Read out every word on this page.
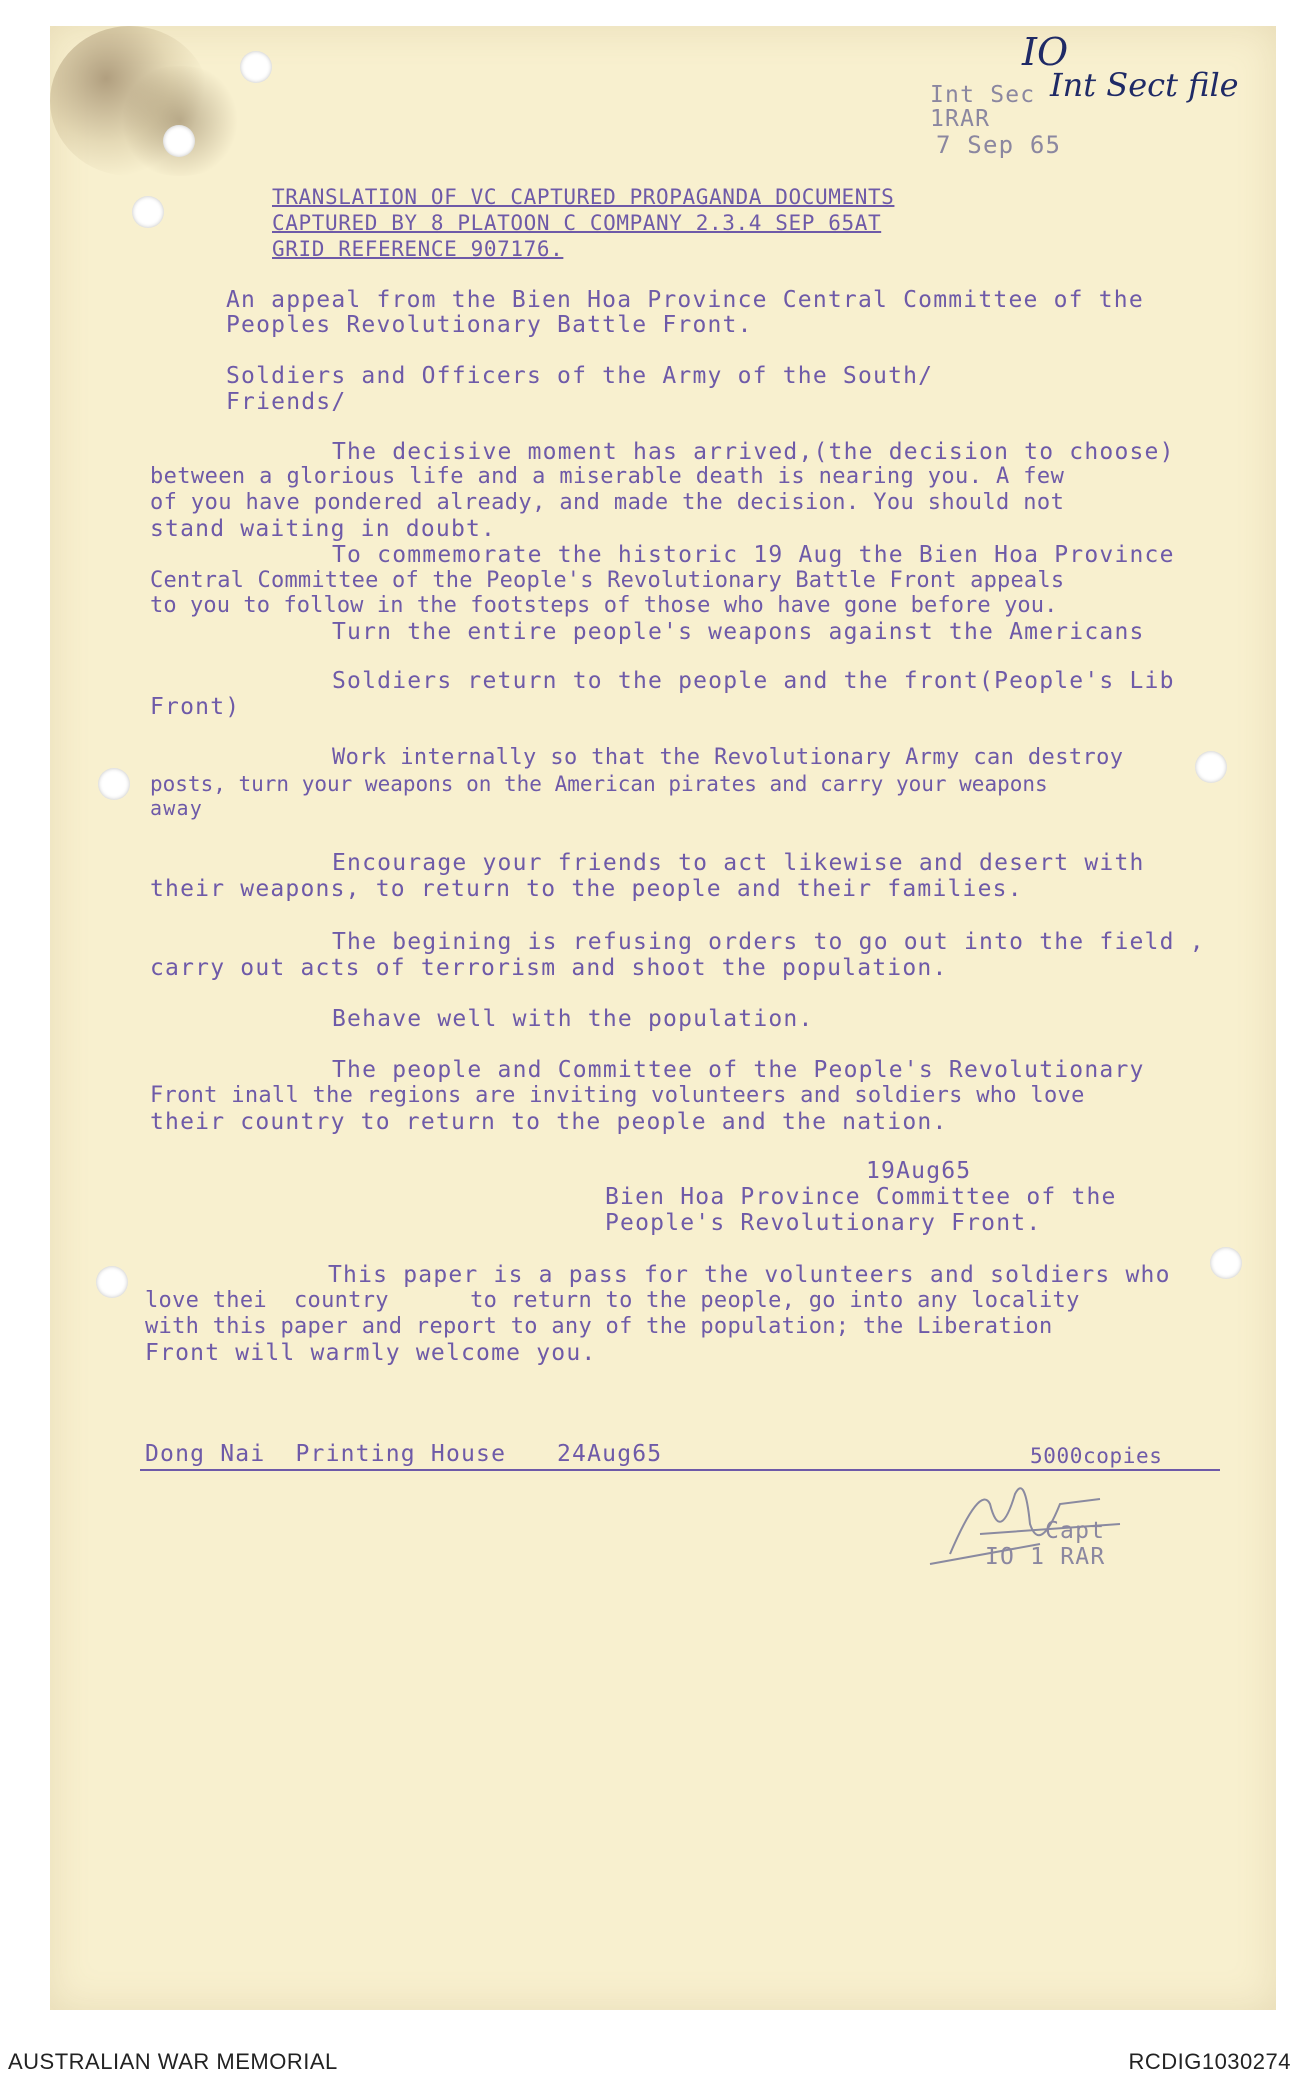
IO
Int Sect file
Int Sec
1RAR
7 Sep 65
TRANSLATION OF VC CAPTURED PROPAGANDA DOCUMENTS
CAPTURED BY 8 PLATOON C COMPANY 2.3.4 SEP 65AT
GRID REFERENCE 907176.
An appeal from the Bien Hoa Province Central Committee of the
Peoples Revolutionary Battle Front.
Soldiers and Officers of the Army of the South/
Friends/
The decisive moment has arrived,(the decision to choose)
between a glorious life and a miserable death is nearing you. A few
of you have pondered already, and made the decision. You should not
stand waiting in doubt.
To commemorate the historic 19 Aug the Bien Hoa Province
Central Committee of the People's Revolutionary Battle Front appeals
to you to follow in the footsteps of those who have gone before you.
Turn the entire people's weapons against the Americans
Soldiers return to the people and the front(People's Lib
Front)
Work internally so that the Revolutionary Army can destroy
posts, turn your weapons on the American pirates and carry your weapons
away
Encourage your friends to act likewise and desert with
their weapons, to return to the people and their families.
The begining is refusing orders to go out into the field ,
carry out acts of terrorism and shoot the population.
Behave well with the population.
The people and Committee of the People's Revolutionary
Front inall the regions are inviting volunteers and soldiers who love
their country to return to the people and the nation.
19Aug65
Bien Hoa Province Committee of the
People's Revolutionary Front.
This paper is a pass for the volunteers and soldiers who
love thei  country      to return to the people, go into any locality
with this paper and report to any of the population; the Liberation
Front will warmly welcome you.
Dong Nai  Printing House 24Aug65	5000copies
Capt
IO 1 RAR
AUSTRALIAN WAR MEMORIAL	RCDIG1030274
